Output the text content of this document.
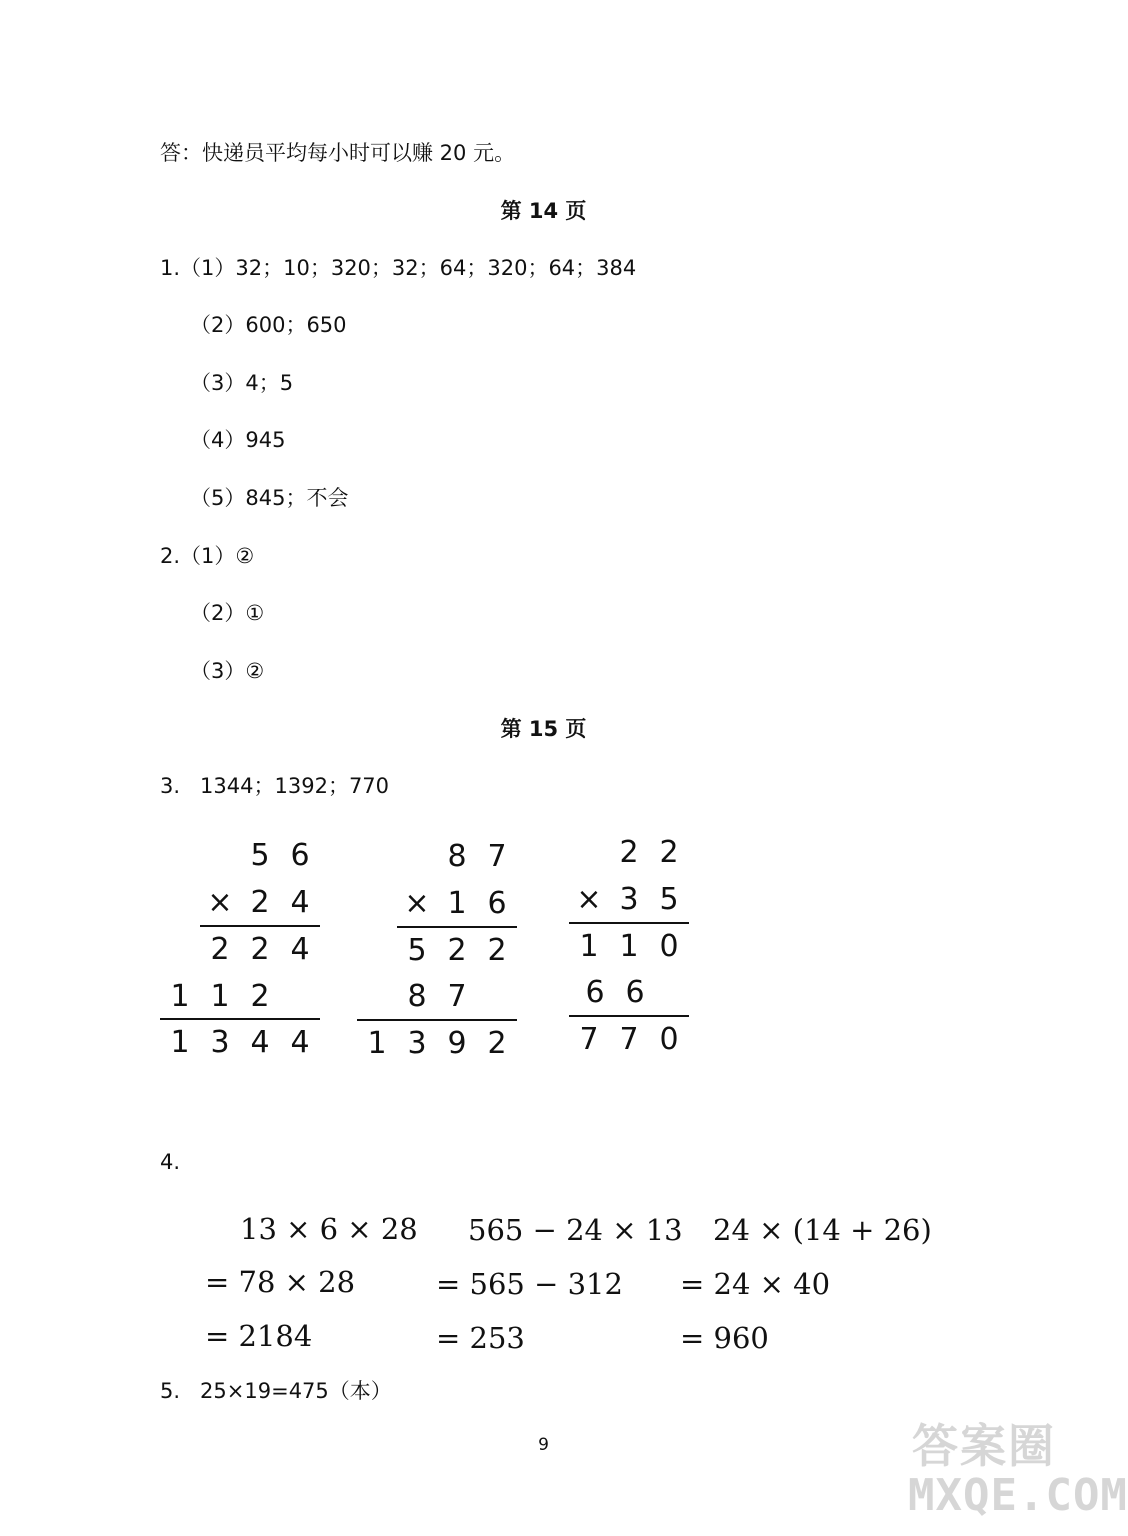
答：快递员平均每小时可以赚 20 元。
第 14 页
1.（1）32；10；320；32；64；320；64；384
（2）600；650
（3）4；5
（4）945
（5）845；不会
2.（1）②
（2）①
（3）②
第 15 页
3.   1344；1392；770
5 6
× 2 4
2 2 4
1 1 2
1 3 4 4
8 7
× 1 6
5 2 2
8 7
1 3 9 2
2 2
× 3 5
1 1 0
6 6
7 7 0
4.
13 × 6 × 28
= 78 × 28
= 2184
565 − 24 × 13
= 565 − 312
= 253
24 × (14 + 26)
= 24 × 40
= 960
5.   25×19=475（本）
9	答案圈
MXQE.COM
